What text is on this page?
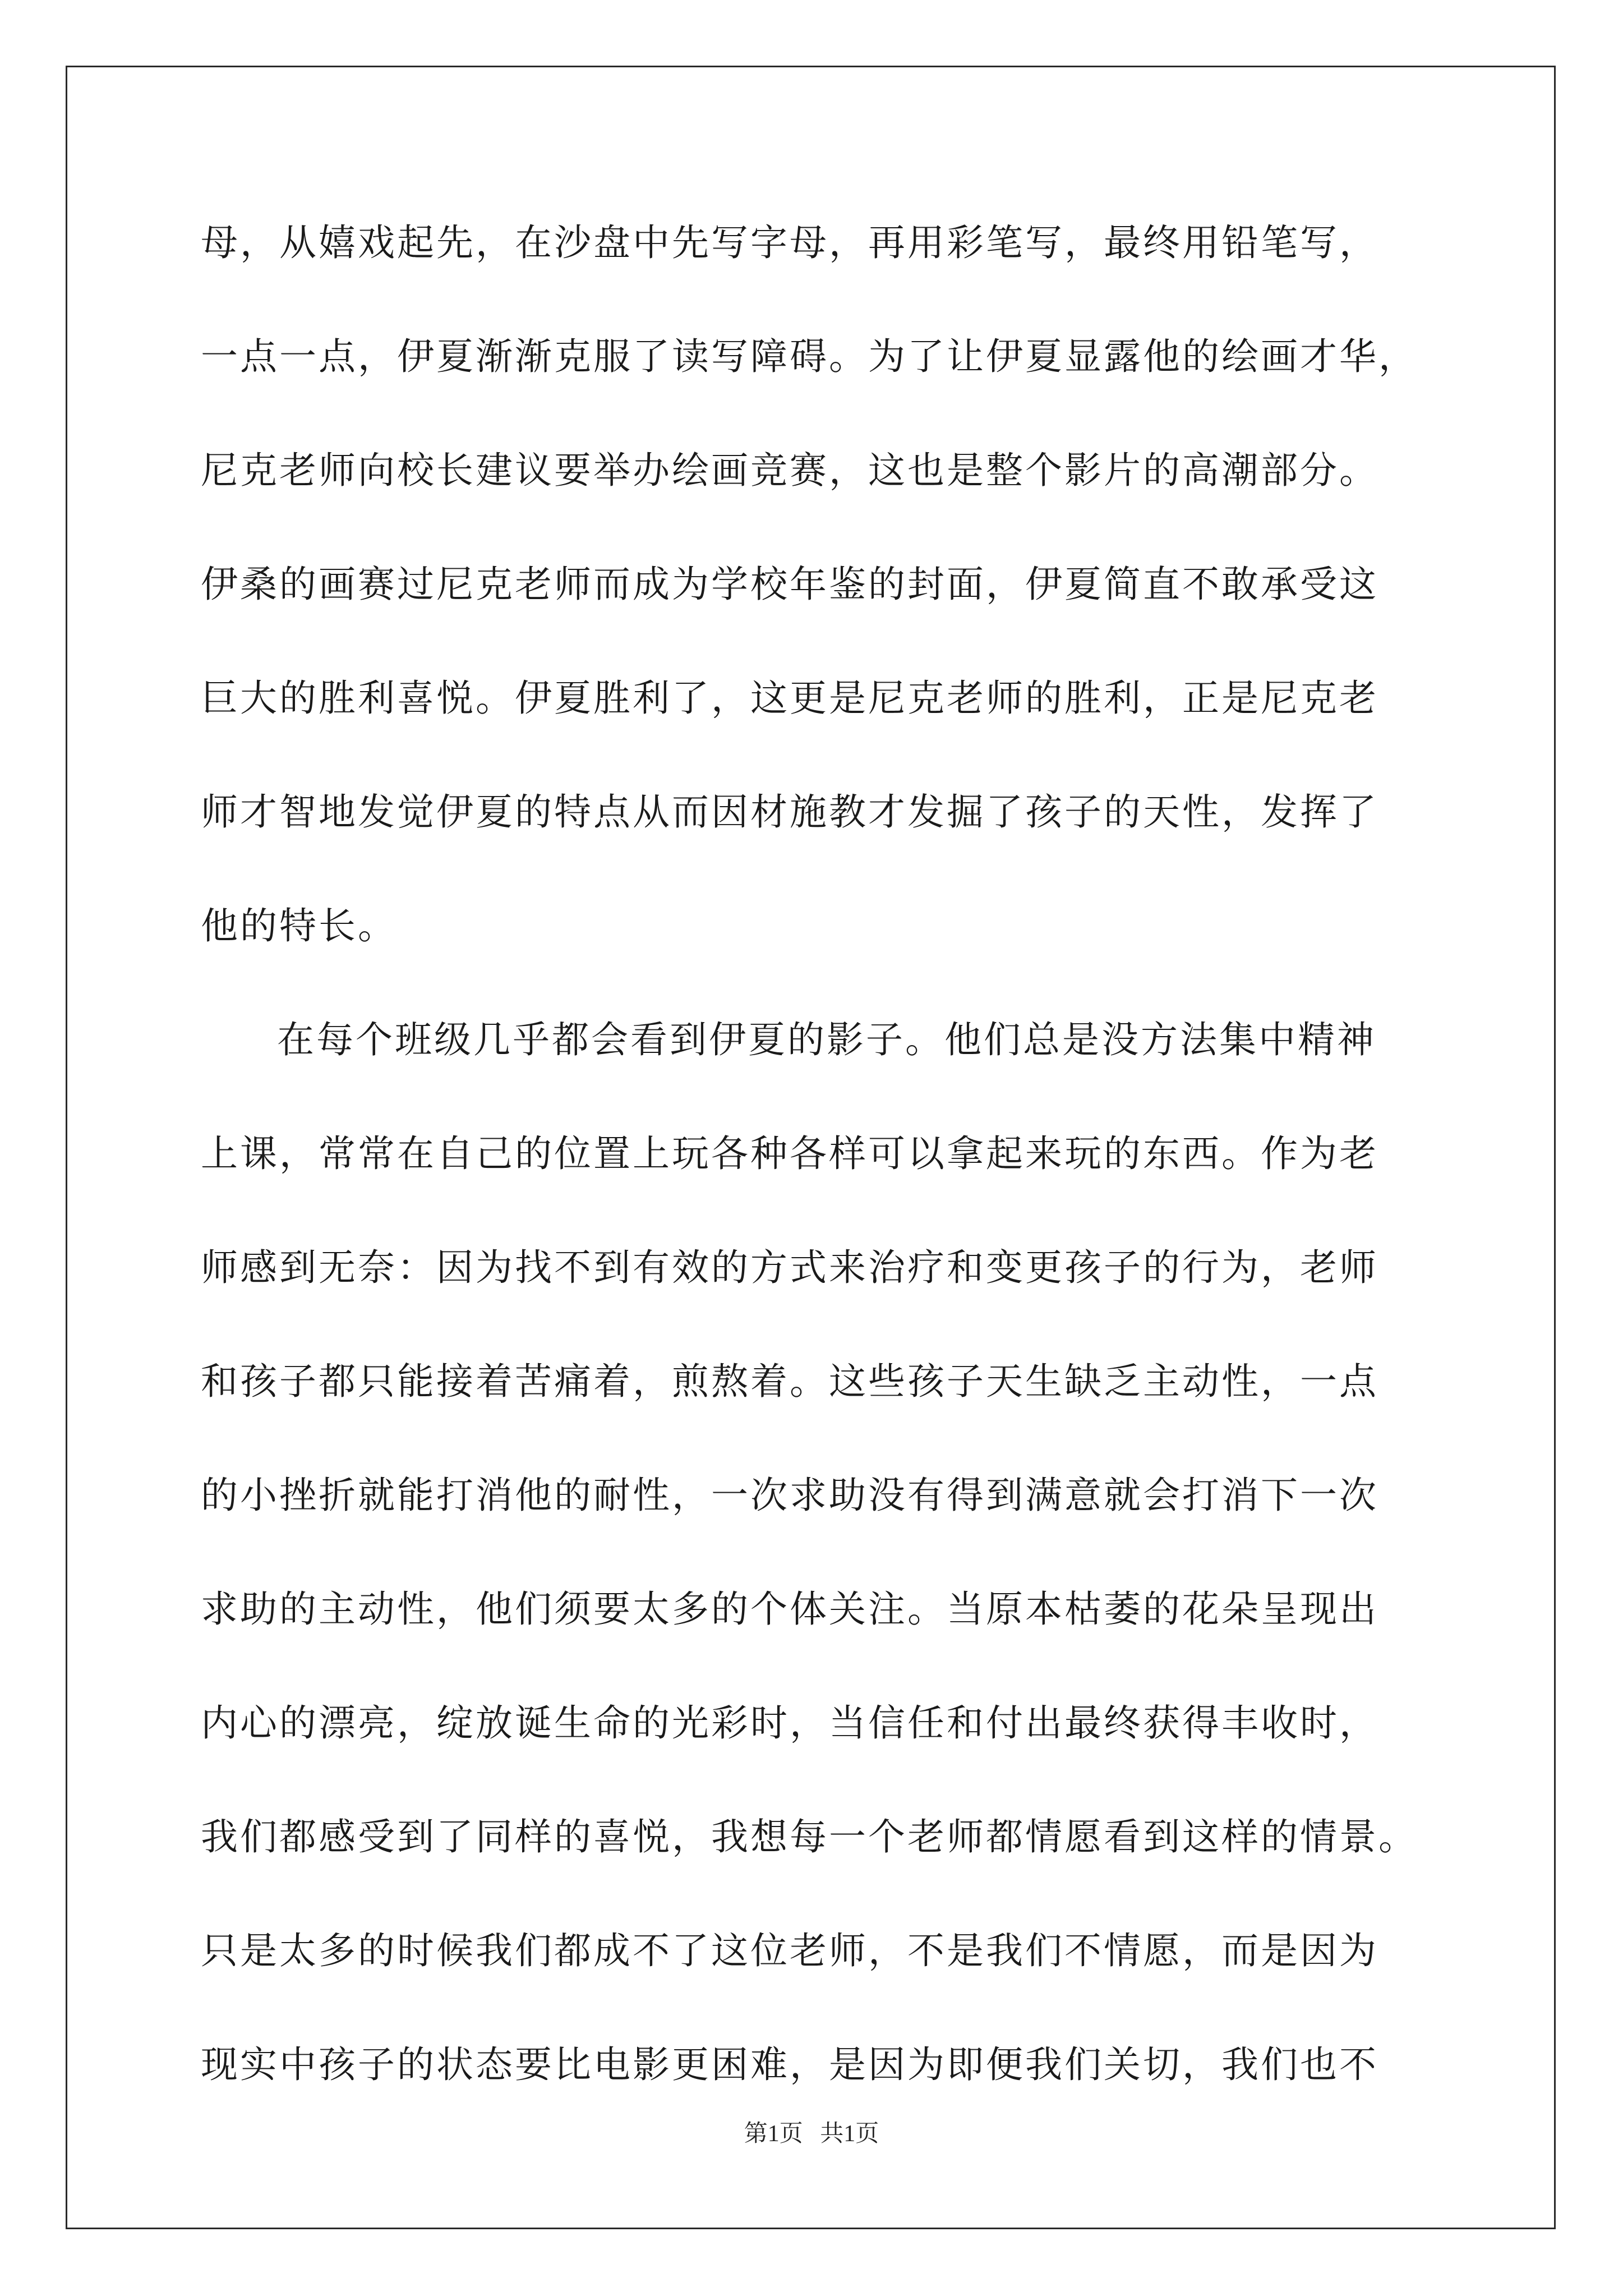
母，从嬉戏起先，在沙盘中先写字母，再用彩笔写，最终用铅笔写，
一点一点，伊夏渐渐克服了读写障碍。为了让伊夏显露他的绘画才华，
尼克老师向校长建议要举办绘画竞赛，这也是整个影片的高潮部分。
伊桑的画赛过尼克老师而成为学校年鉴的封面，伊夏简直不敢承受这
巨大的胜利喜悦。伊夏胜利了，这更是尼克老师的胜利，正是尼克老
师才智地发觉伊夏的特点从而因材施教才发掘了孩子的天性，发挥了
他的特长。
在每个班级几乎都会看到伊夏的影子。他们总是没方法集中精神
上课，常常在自己的位置上玩各种各样可以拿起来玩的东西。作为老
师感到无奈：因为找不到有效的方式来治疗和变更孩子的行为，老师
和孩子都只能接着苦痛着，煎熬着。这些孩子天生缺乏主动性，一点
的小挫折就能打消他的耐性，一次求助没有得到满意就会打消下一次
求助的主动性，他们须要太多的个体关注。当原本枯萎的花朵呈现出
内心的漂亮，绽放诞生命的光彩时，当信任和付出最终获得丰收时，
我们都感受到了同样的喜悦，我想每一个老师都情愿看到这样的情景。
只是太多的时候我们都成不了这位老师，不是我们不情愿，而是因为
现实中孩子的状态要比电影更困难，是因为即便我们关切，我们也不
第1页 共1页
